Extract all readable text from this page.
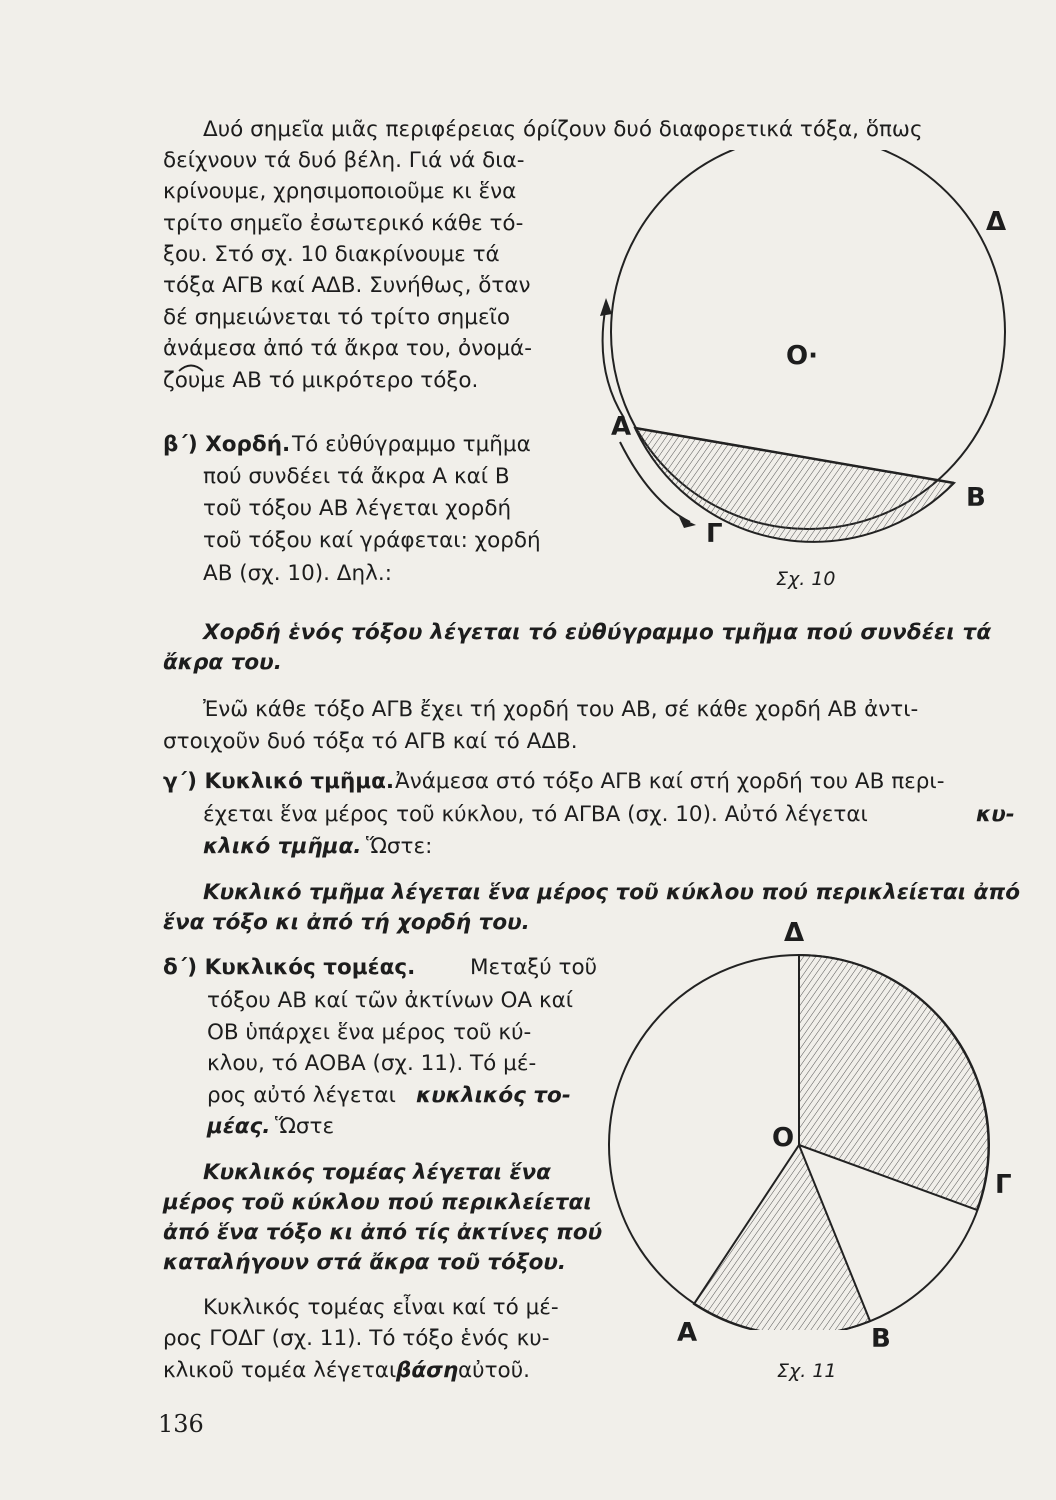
Δυό σημεῖα μιᾶς περιφέρειας όρίζουν δυό διαφορετικά τόξα, ὅπως
δείχνουν τά δυό βέλη. Γιά νά δια-
κρίνουμε, χρησιμοποιοῦμε κι ἕνα
τρίτο σημεῖο ἐσωτερικό κάθε τό-
ξου. Στό σχ. 10 διακρίνουμε τά
τόξα ΑΓΒ καί ΑΔΒ. Συνήθως, ὅταν
δέ σημειώνεται τό τρίτο σημεῖο
ἀνάμεσα ἀπό τά ἄκρα του, ὀνομά-
ζουμε ΑΒ τό μικρότερο τόξο.
β΄) Χορδή. Τό εὐθύγραμμο τμῆμα
πού συνδέει τά ἄκρα Α καί Β
τοῦ τόξου ΑΒ λέγεται χορδή
τοῦ τόξου καί γράφεται: χορδή
ΑΒ (σχ. 10). Δηλ.:
Χορδή ἑνός τόξου λέγεται τό εὐθύγραμμο τμῆμα πού συνδέει τά
ἄκρα του.
Ἐνῶ κάθε τόξο ΑΓΒ ἔχει τή χορδή του ΑΒ, σέ κάθε χορδή ΑΒ ἀντι-
στοιχοῦν δυό τόξα τό ΑΓΒ καί τό ΑΔΒ.
γ΄) Κυκλικό τμῆμα. Ἀνάμεσα στό τόξο ΑΓΒ καί στή χορδή του ΑΒ περι-
έχεται ἕνα μέρος τοῦ κύκλου, τό ΑΓΒΑ (σχ. 10). Αὐτό λέγεται	κυ-
κλικό τμῆμα. Ὥστε:
Κυκλικό τμῆμα λέγεται ἕνα μέρος τοῦ κύκλου πού περικλείεται ἀπό
ἕνα τόξο κι ἀπό τή χορδή του.
δ΄) Κυκλικός τομέας.	Μεταξύ τοῦ
τόξου ΑΒ καί τῶν ἀκτίνων ΟΑ καί
ΟΒ ὑπάρχει ἕνα μέρος τοῦ κύ-
κλου, τό ΑΟΒΑ (σχ. 11). Τό μέ-
ρος αὐτό λέγεται κυκλικός το-
μέας. Ὥστε
Κυκλικός τομέας λέγεται ἕνα
μέρος τοῦ κύκλου πού περικλείεται
ἀπό ἕνα τόξο κι ἀπό τίς ἀκτίνες πού
καταλήγουν στά ἄκρα τοῦ τόξου.
Κυκλικός τομέας εἶναι καί τό μέ-
ρος ΓΟΔΓ (σχ. 11). Τό τόξο ἑνός κυ-
κλικοῦ τομέα λέγεται βάση αὐτοῦ.
Α
Β
Γ
Δ
Ο·
Σχ. 10
Δ
Ο
Γ
Α	Β
Σχ. 11
136
